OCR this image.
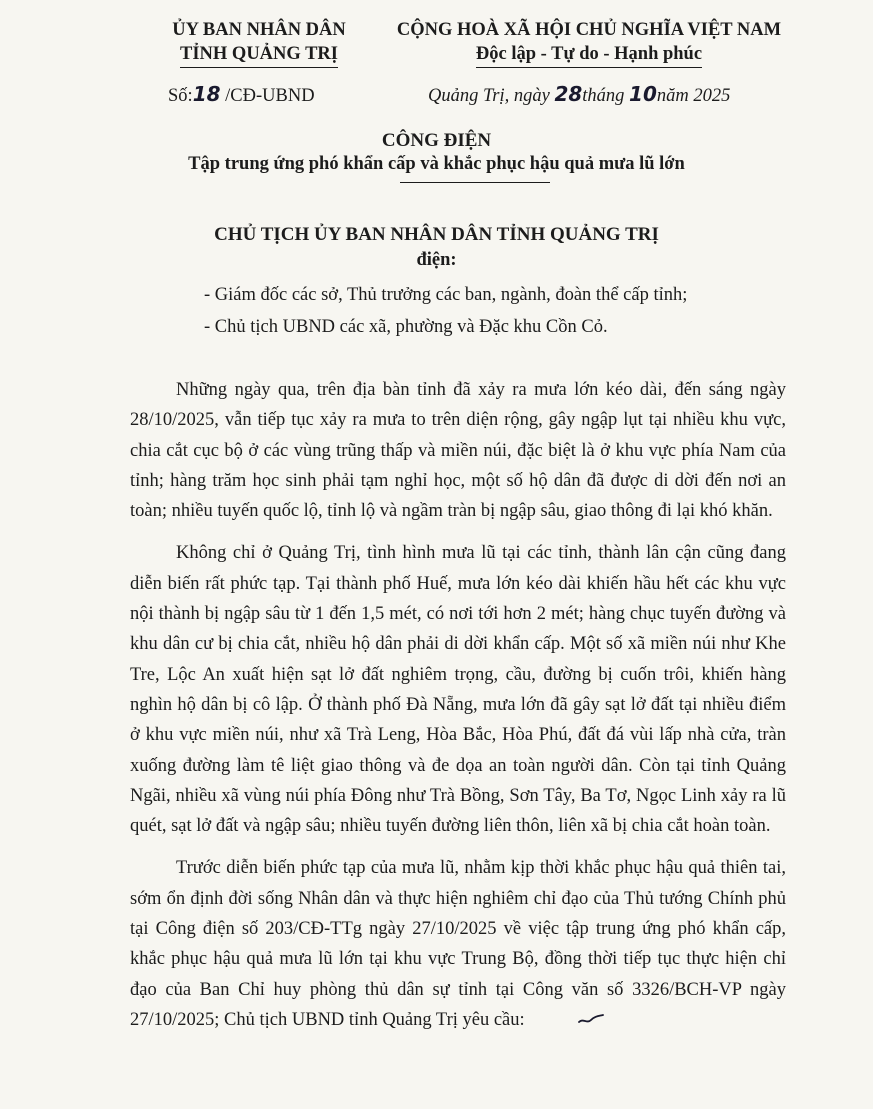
ỦY BAN NHÂN DÂN
TỈNH QUẢNG TRỊ
CỘNG HOÀ XÃ HỘI CHỦ NGHĨA VIỆT NAM
Độc lập - Tự do - Hạnh phúc
Số:18 /CĐ-UBND	Quảng Trị, ngày 28tháng 10năm 2025
CÔNG ĐIỆN
Tập trung ứng phó khẩn cấp và khắc phục hậu quả mưa lũ lớn
CHỦ TỊCH ỦY BAN NHÂN DÂN TỈNH QUẢNG TRỊ
điện:
- Giám đốc các sở, Thủ trưởng các ban, ngành, đoàn thể cấp tỉnh;
- Chủ tịch UBND các xã, phường và Đặc khu Cồn Cỏ.

Những ngày qua, trên địa bàn tỉnh đã xảy ra mưa lớn kéo dài, đến sáng ngày 28/10/2025, vẫn tiếp tục xảy ra mưa to trên diện rộng, gây ngập lụt tại nhiều khu vực, chia cắt cục bộ ở các vùng trũng thấp và miền núi, đặc biệt là ở khu vực phía Nam của tỉnh; hàng trăm học sinh phải tạm nghỉ học, một số hộ dân đã được di dời đến nơi an toàn; nhiều tuyến quốc lộ, tỉnh lộ và ngầm tràn bị ngập sâu, giao thông đi lại khó khăn.

Không chỉ ở Quảng Trị, tình hình mưa lũ tại các tỉnh, thành lân cận cũng đang diễn biến rất phức tạp. Tại thành phố Huế, mưa lớn kéo dài khiến hầu hết các khu vực nội thành bị ngập sâu từ 1 đến 1,5 mét, có nơi tới hơn 2 mét; hàng chục tuyến đường và khu dân cư bị chia cắt, nhiều hộ dân phải di dời khẩn cấp. Một số xã miền núi như Khe Tre, Lộc An xuất hiện sạt lở đất nghiêm trọng, cầu, đường bị cuốn trôi, khiến hàng nghìn hộ dân bị cô lập. Ở thành phố Đà Nẵng, mưa lớn đã gây sạt lở đất tại nhiều điểm ở khu vực miền núi, như xã Trà Leng, Hòa Bắc, Hòa Phú, đất đá vùi lấp nhà cửa, tràn xuống đường làm tê liệt giao thông và đe dọa an toàn người dân. Còn tại tỉnh Quảng Ngãi, nhiều xã vùng núi phía Đông như Trà Bồng, Sơn Tây, Ba Tơ, Ngọc Linh xảy ra lũ quét, sạt lở đất và ngập sâu; nhiều tuyến đường liên thôn, liên xã bị chia cắt hoàn toàn.

Trước diễn biến phức tạp của mưa lũ, nhằm kịp thời khắc phục hậu quả thiên tai, sớm ổn định đời sống Nhân dân và thực hiện nghiêm chỉ đạo của Thủ tướng Chính phủ tại Công điện số 203/CĐ-TTg ngày 27/10/2025 về việc tập trung ứng phó khẩn cấp, khắc phục hậu quả mưa lũ lớn tại khu vực Trung Bộ, đồng thời tiếp tục thực hiện chỉ đạo của Ban Chỉ huy phòng thủ dân sự tỉnh tại Công văn số 3326/BCH-VP ngày 27/10/2025; Chủ tịch UBND tỉnh Quảng Trị yêu cầu:
